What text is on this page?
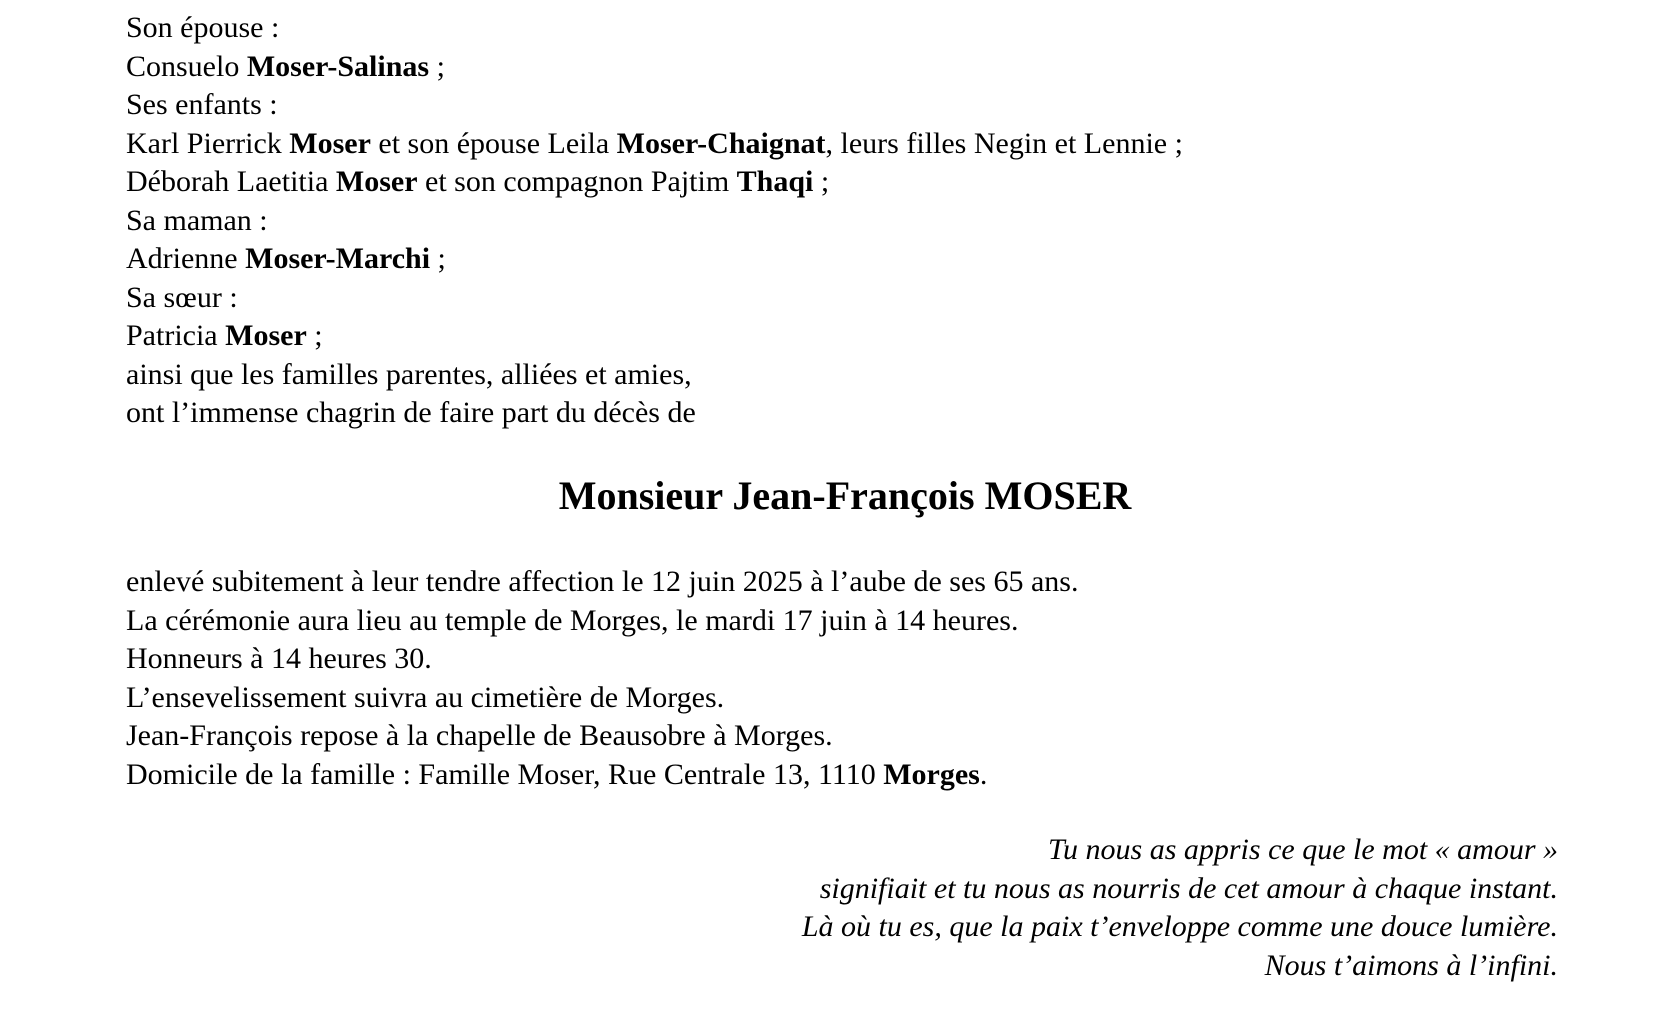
Son épouse :

Consuelo Moser-Salinas ;

Ses enfants :

Karl Pierrick Moser et son épouse Leila Moser-Chaignat, leurs filles Negin et Lennie ;

Déborah Laetitia Moser et son compagnon Pajtim Thaqi ;

Sa maman :

Adrienne Moser-Marchi ;

Sa sœur :

Patricia Moser ;

ainsi que les familles parentes, alliées et amies,

ont l’immense chagrin de faire part du décès de

Monsieur Jean-François MOSER

enlevé subitement à leur tendre affection le 12 juin 2025 à l’aube de ses 65 ans.

La cérémonie aura lieu au temple de Morges, le mardi 17 juin à 14 heures.

Honneurs à 14 heures 30.

L’ensevelissement suivra au cimetière de Morges.

Jean-François repose à la chapelle de Beausobre à Morges.

Domicile de la famille : Famille Moser, Rue Centrale 13, 1110 Morges.

Tu nous as appris ce que le mot « amour »

signifiait et tu nous as nourris de cet amour à chaque instant.

Là où tu es, que la paix t’enveloppe comme une douce lumière.

Nous t’aimons à l’infini.
